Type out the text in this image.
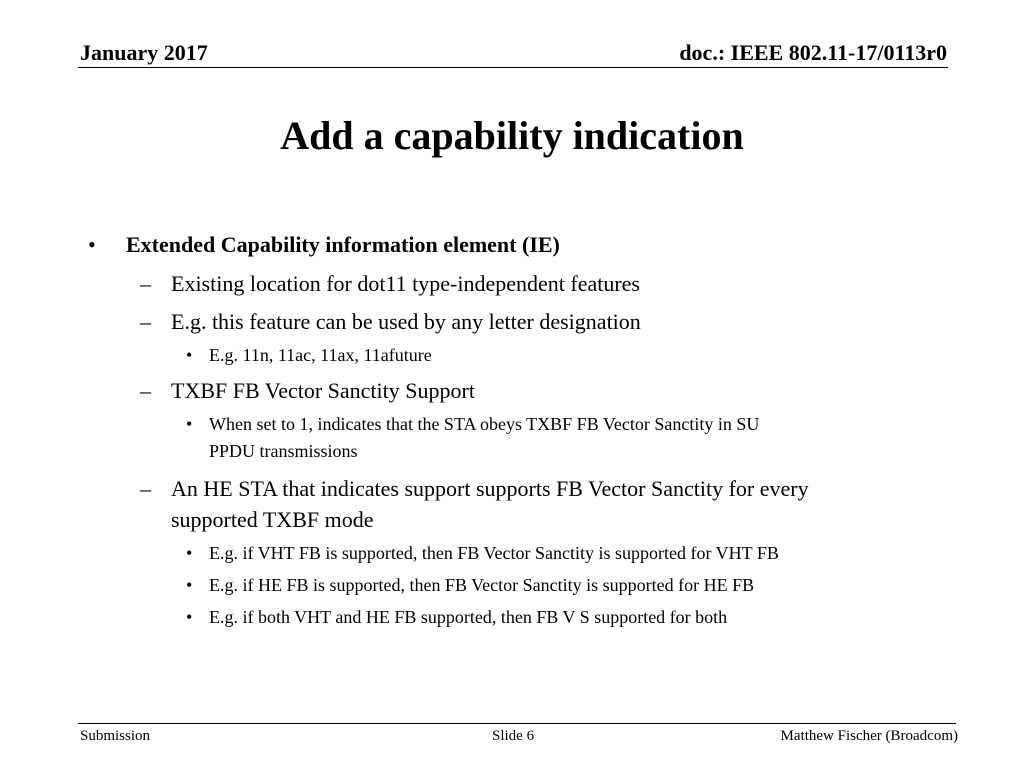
January 2017	doc.: IEEE 802.11-17/0113r0
Add a capability indication
• Extended Capability information element (IE)
– Existing location for dot11 type-independent features
– E.g. this feature can be used by any letter designation
• E.g. 11n, 11ac, 11ax, 11afuture
– TXBF FB Vector Sanctity Support
• When set to 1, indicates that the STA obeys TXBF FB Vector Sanctity in SU
PPDU transmissions
– An HE STA that indicates support supports FB Vector Sanctity for every
supported TXBF mode
• E.g. if VHT FB is supported, then FB Vector Sanctity is supported for VHT FB
• E.g. if HE FB is supported, then FB Vector Sanctity is supported for HE FB
• E.g. if both VHT and HE FB supported, then FB V S supported for both
Submission	Slide 6	Matthew Fischer (Broadcom)
